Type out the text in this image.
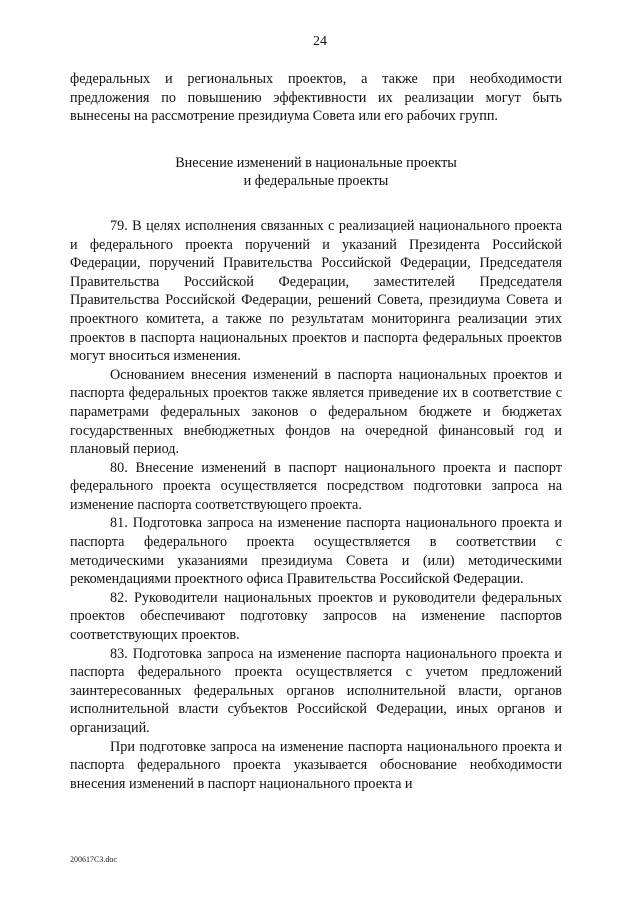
24

федеральных и региональных проектов, а также при необходимости предложения по повышению эффективности их реализации могут быть вынесены на рассмотрение президиума Совета или его рабочих групп.

Внесение изменений в национальные проекты
и федеральные проекты

79. В целях исполнения связанных с реализацией национального проекта и федерального проекта поручений и указаний Президента Российской Федерации, поручений Правительства Российской Федерации, Председателя Правительства Российской Федерации, заместителей Председателя Правительства Российской Федерации, решений Совета, президиума Совета и проектного комитета, а также по результатам мониторинга реализации этих проектов в паспорта национальных проектов и паспорта федеральных проектов могут вноситься изменения.

Основанием внесения изменений в паспорта национальных проектов и паспорта федеральных проектов также является приведение их в соответствие с параметрами федеральных законов о федеральном бюджете и бюджетах государственных внебюджетных фондов на очередной финансовый год и плановый период.

80. Внесение изменений в паспорт национального проекта и паспорт федерального проекта осуществляется посредством подготовки запроса на изменение паспорта соответствующего проекта.

81. Подготовка запроса на изменение паспорта национального проекта и паспорта федерального проекта осуществляется в соответствии с методическими указаниями президиума Совета и (или) методическими рекомендациями проектного офиса Правительства Российской Федерации.

82. Руководители национальных проектов и руководители федеральных проектов обеспечивают подготовку запросов на изменение паспортов соответствующих проектов.

83. Подготовка запроса на изменение паспорта национального проекта и паспорта федерального проекта осуществляется с учетом предложений заинтересованных федеральных органов исполнительной власти, органов исполнительной власти субъектов Российской Федерации, иных органов и организаций.

При подготовке запроса на изменение паспорта национального проекта и паспорта федерального проекта указывается обоснование необходимости внесения изменений в паспорт национального проекта и

200617C3.doc
